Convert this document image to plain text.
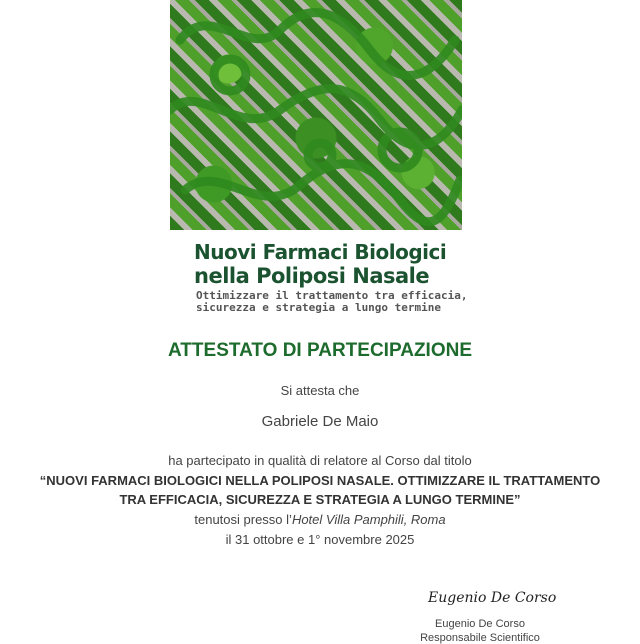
Nuovi Farmaci Biologici
nella Poliposi Nasale
Ottimizzare il trattamento tra efficacia,
sicurezza e strategia a lungo termine
ATTESTATO DI PARTECIPAZIONE
Si attesta che
Gabriele De Maio
ha partecipato in qualità di relatore al Corso dal titolo
“NUOVI FARMACI BIOLOGICI NELLA POLIPOSI NASALE. OTTIMIZZARE IL TRATTAMENTO
TRA EFFICACIA, SICUREZZA E STRATEGIA A LUNGO TERMINE”
tenutosi presso l’Hotel Villa Pamphili, Roma
il 31 ottobre e 1° novembre 2025
Eugenio De Corso
Eugenio De Corso
Responsabile Scientifico
